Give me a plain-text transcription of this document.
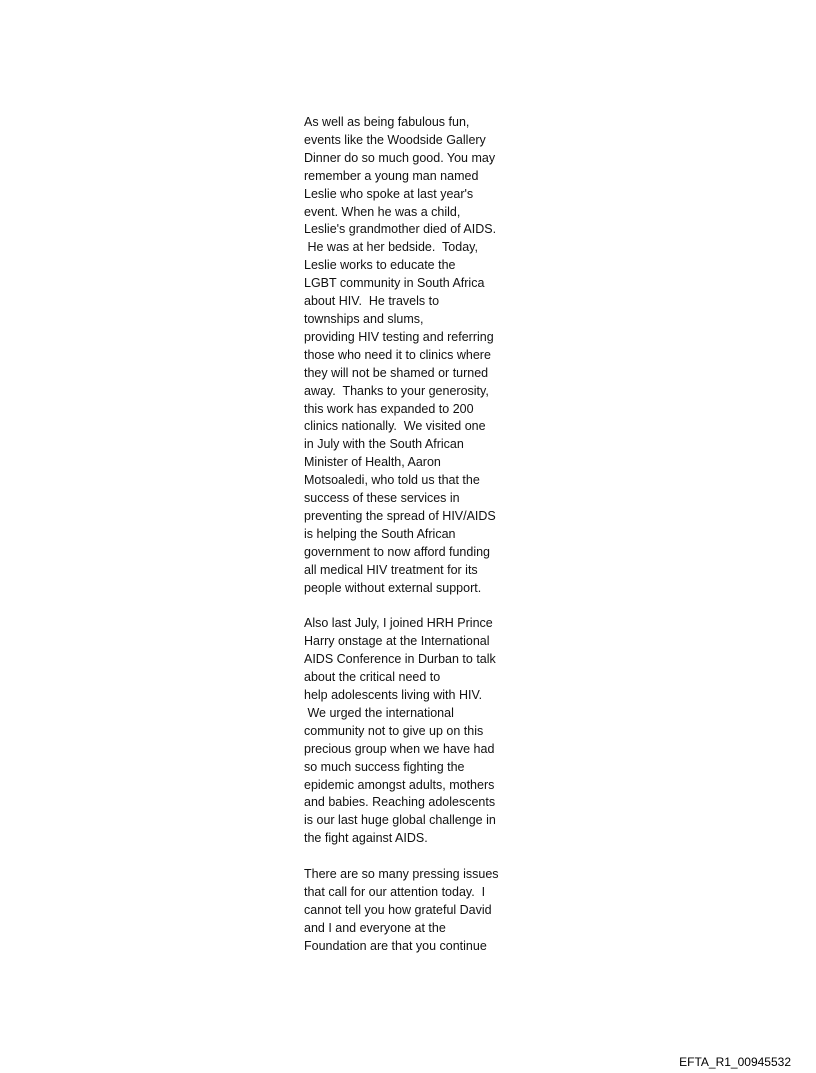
As well as being fabulous fun,
events like the Woodside Gallery
Dinner do so much good. You may
remember a young man named
Leslie who spoke at last year's
event. When he was a child,
Leslie's grandmother died of AIDS.
He was at her bedside.  Today,
Leslie works to educate the
LGBT community in South Africa
about HIV.  He travels to
townships and slums,
providing HIV testing and referring
those who need it to clinics where
they will not be shamed or turned
away.  Thanks to your generosity,
this work has expanded to 200
clinics nationally.  We visited one
in July with the South African
Minister of Health, Aaron
Motsoaledi, who told us that the
success of these services in
preventing the spread of HIV/AIDS
is helping the South African
government to now afford funding
all medical HIV treatment for its
people without external support.
Also last July, I joined HRH Prince
Harry onstage at the International
AIDS Conference in Durban to talk
about the critical need to
help adolescents living with HIV.
We urged the international
community not to give up on this
precious group when we have had
so much success fighting the
epidemic amongst adults, mothers
and babies. Reaching adolescents
is our last huge global challenge in
the fight against AIDS.
There are so many pressing issues
that call for our attention today.  I
cannot tell you how grateful David
and I and everyone at the
Foundation are that you continue
EFTA_R1_00945532
